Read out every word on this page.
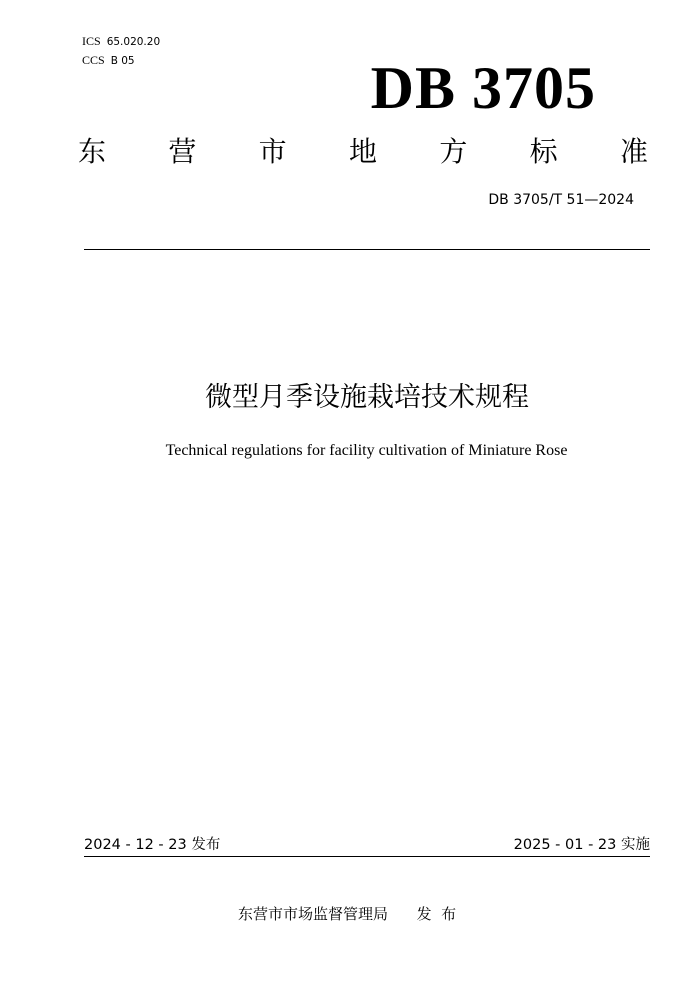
ICS 65.020.20
CCS B 05	DB 3705
东 营 市 地 方 标 准
DB 3705/T 51—2024
微型月季设施栽培技术规程
Technical regulations for facility cultivation of Miniature Rose
2024 - 12 - 23 发布	2025 - 01 - 23 实施
东营市市场监督管理局 发  布
